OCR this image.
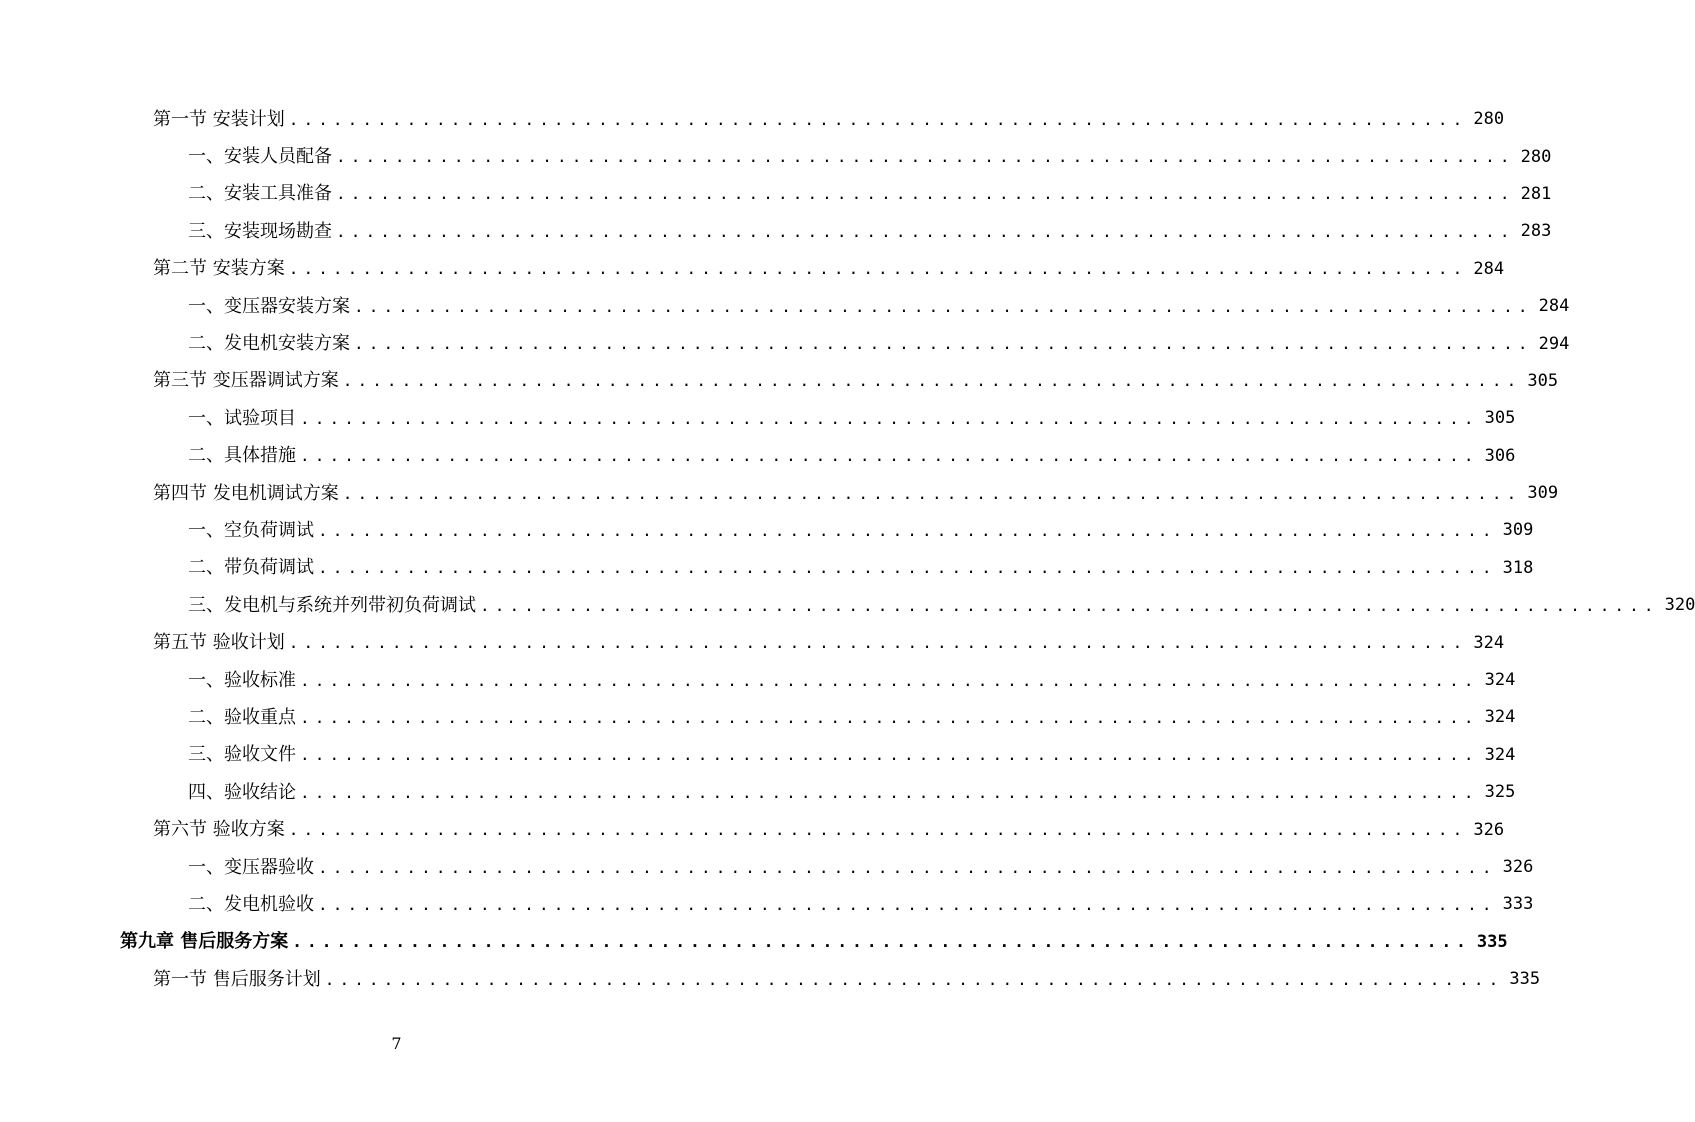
第一节 安装计划 ................................................................................ 280
一、安装人员配备 ................................................................................ 280
二、安装工具准备 ................................................................................ 281
三、安装现场勘查 ................................................................................ 283
第二节 安装方案 ................................................................................ 284
一、变压器安装方案 ................................................................................ 284
二、发电机安装方案 ................................................................................ 294
第三节 变压器调试方案 ................................................................................ 305
一、试验项目 ................................................................................ 305
二、具体措施 ................................................................................ 306
第四节 发电机调试方案 ................................................................................ 309
一、空负荷调试 ................................................................................ 309
二、带负荷调试 ................................................................................ 318
三、发电机与系统并列带初负荷调试 ................................................................................ 320
第五节 验收计划 ................................................................................ 324
一、验收标准 ................................................................................ 324
二、验收重点 ................................................................................ 324
三、验收文件 ................................................................................ 324
四、验收结论 ................................................................................ 325
第六节 验收方案 ................................................................................ 326
一、变压器验收 ................................................................................ 326
二、发电机验收 ................................................................................ 333
第九章 售后服务方案 ................................................................................ 335
第一节 售后服务计划 ................................................................................ 335
7
